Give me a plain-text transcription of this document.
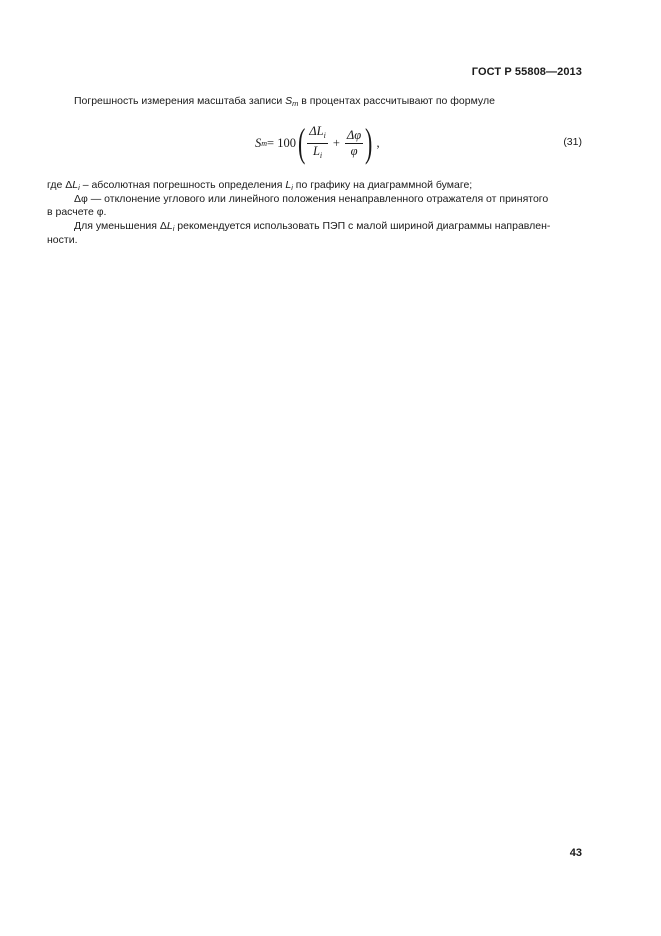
ГОСТ Р 55808—2013
Погрешность измерения масштаба записи Sm в процентах рассчитывают по формуле
S m = 100 ( $\frac{\Delta L_i}{L_i} + \frac{\Delta\varphi}{\varphi}$ ) ,	(31)
где ΔLi – абсолютная погрешность определения Li по графику на диаграммной бумаге;
Δφ — отклонение углового или линейного положения ненаправленного отражателя от принятого
в расчете φ.
Для уменьшения ΔLi рекомендуется использовать ПЭП с малой шириной диаграммы направлен-
ности.
43
